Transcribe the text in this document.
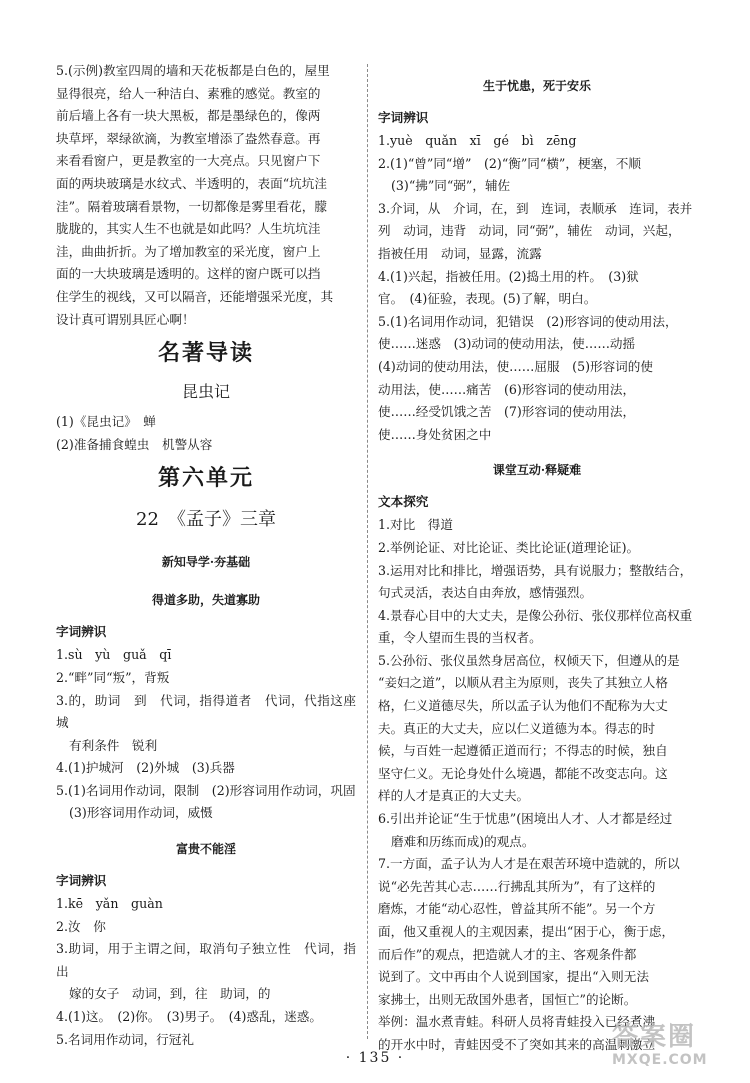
5.(示例)教室四周的墙和天花板都是白色的，屋里
显得很亮，给人一种洁白、素雅的感觉。教室的
前后墙上各有一块大黑板，都是墨绿色的，像两
块草坪，翠绿欲滴，为教室增添了盎然春意。再
来看看窗户，更是教室的一大亮点。只见窗户下
面的两块玻璃是水纹式、半透明的，表面“坑坑洼
洼”。隔着玻璃看景物，一切都像是雾里看花，朦
胧胧的，其实人生不也就是如此吗？人生坑坑洼
洼，曲曲折折。为了增加教室的采光度，窗户上
面的一大块玻璃是透明的。这样的窗户既可以挡
住学生的视线，又可以隔音，还能增强采光度，其
设计真可谓别具匠心啊！
名著导读
昆虫记
(1)《昆虫记》　蝉
(2)准备捕食蝗虫　机警从容
第六单元
22　《孟子》三章
新知导学·夯基础
得道多助，失道寡助
字词辨识
1.sù　yù　guǎ　qī
2.“畔”同“叛”，背叛
3.的，助词　到　代词，指得道者　代词，代指这座城
有利条件　锐利
4.(1)护城河　(2)外城　(3)兵器
5.(1)名词用作动词，限制　(2)形容词用作动词，巩固
(3)形容词用作动词，威慑
富贵不能淫
字词辨识
1.kē　yǎn　guàn
2.汝　你
3.助词，用于主谓之间，取消句子独立性　代词，指出
嫁的女子　动词，到，往　助词，的
4.(1)这。　(2)你。　(3)男子。　(4)惑乱，迷惑。
5.名词用作动词，行冠礼
生于忧患，死于安乐
字词辨识
1.yuè　quǎn　xī　gé　bì　zēng
2.(1)“曾”同“增”　(2)“衡”同“横”，梗塞，不顺
(3)“拂”同“弼”，辅佐
3.介词，从　介词，在，到　连词，表顺承　连词，表并
列　动词，违背　动词，同“弼”，辅佐　动词，兴起，
指被任用　动词，显露，流露
4.(1)兴起，指被任用。(2)捣土用的杵。　(3)狱
官。　(4)征验，表现。(5)了解，明白。
5.(1)名词用作动词，犯错误　(2)形容词的使动用法，
使……迷惑　(3)动词的使动用法，使……动摇
(4)动词的使动用法，使……屈服　(5)形容词的使
动用法，使……痛苦　(6)形容词的使动用法，
使……经受饥饿之苦　(7)形容词的使动用法，
使……身处贫困之中
课堂互动·释疑难
文本探究
1.对比　得道
2.举例论证、对比论证、类比论证(道理论证)。
3.运用对比和排比，增强语势，具有说服力；整散结合，
句式灵活，表达自由奔放，感情强烈。
4.景春心目中的大丈夫，是像公孙衍、张仪那样位高权重
重，令人望而生畏的当权者。
5.公孙衍、张仪虽然身居高位，权倾天下，但遵从的是
“妾妇之道”，以顺从君主为原则，丧失了其独立人格
格，仁义道德尽失，所以孟子认为他们不配称为大丈
夫。真正的大丈夫，应以仁义道德为本。得志的时
候，与百姓一起遵循正道而行；不得志的时候，独自
坚守仁义。无论身处什么境遇，都能不改变志向。这
样的人才是真正的大丈夫。
6.引出并论证“生于忧患”(困境出人才、人才都是经过
磨难和历练而成)的观点。
7.一方面，孟子认为人才是在艰苦环境中造就的，所以
说“必先苦其心志……行拂乱其所为”，有了这样的
磨炼，才能“动心忍性，曾益其所不能”。另一个方
面，他又重视人的主观因素，提出“困于心，衡于虑，
而后作”的观点，把造就人才的主、客观条件都
说到了。文中再由个人说到国家，提出“入则无法
家拂士，出则无敌国外患者，国恒亡”的论断。
举例：温水煮青蛙。科研人员将青蛙投入已经煮沸
的开水中时，青蛙因受不了突如其来的高温刺激立
· 135 ·
答案圈
MXQE.COM
